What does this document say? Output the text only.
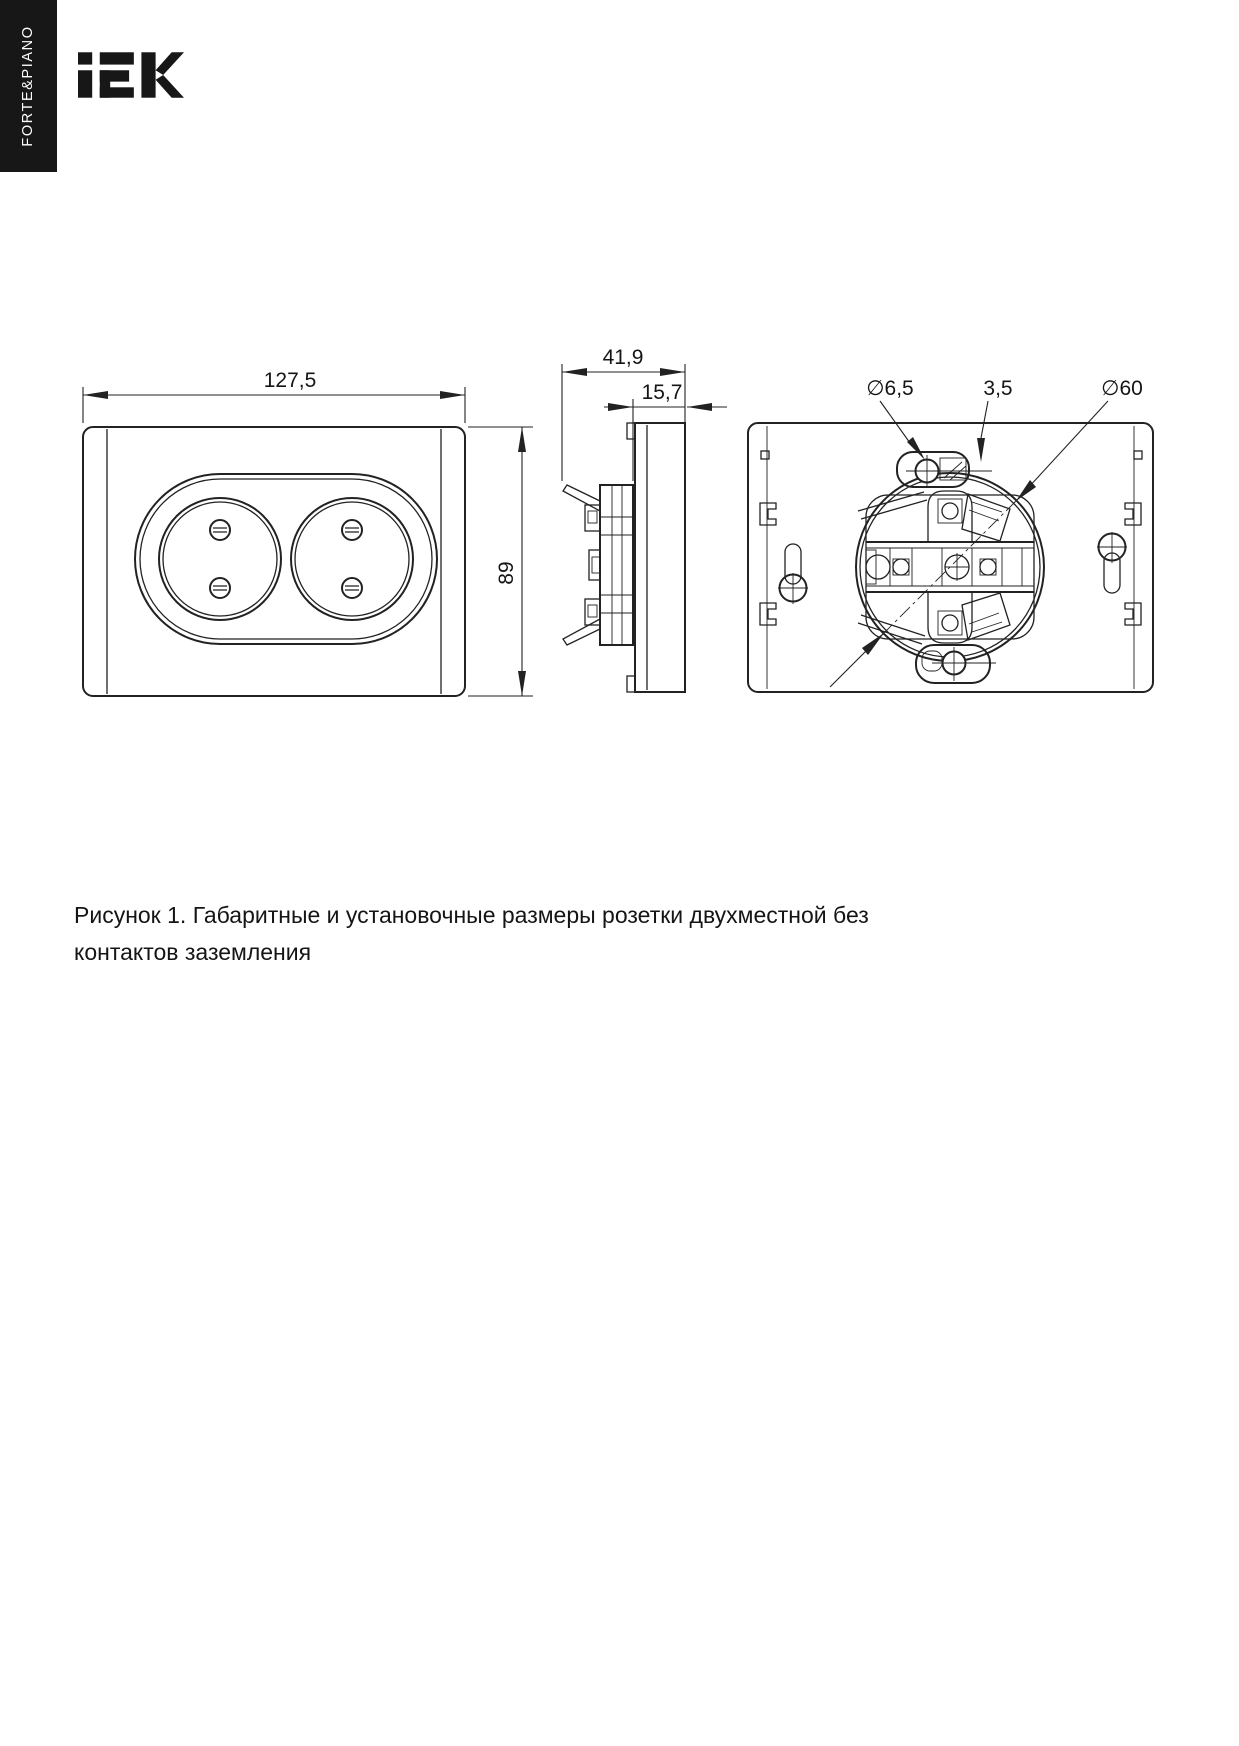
FORTE&PIANO
127,5
89
41,9
15,7	∅6,5	3,5	∅60
Рисунок 1. Габаритные и установочные размеры розетки двухместной без контактов заземления
